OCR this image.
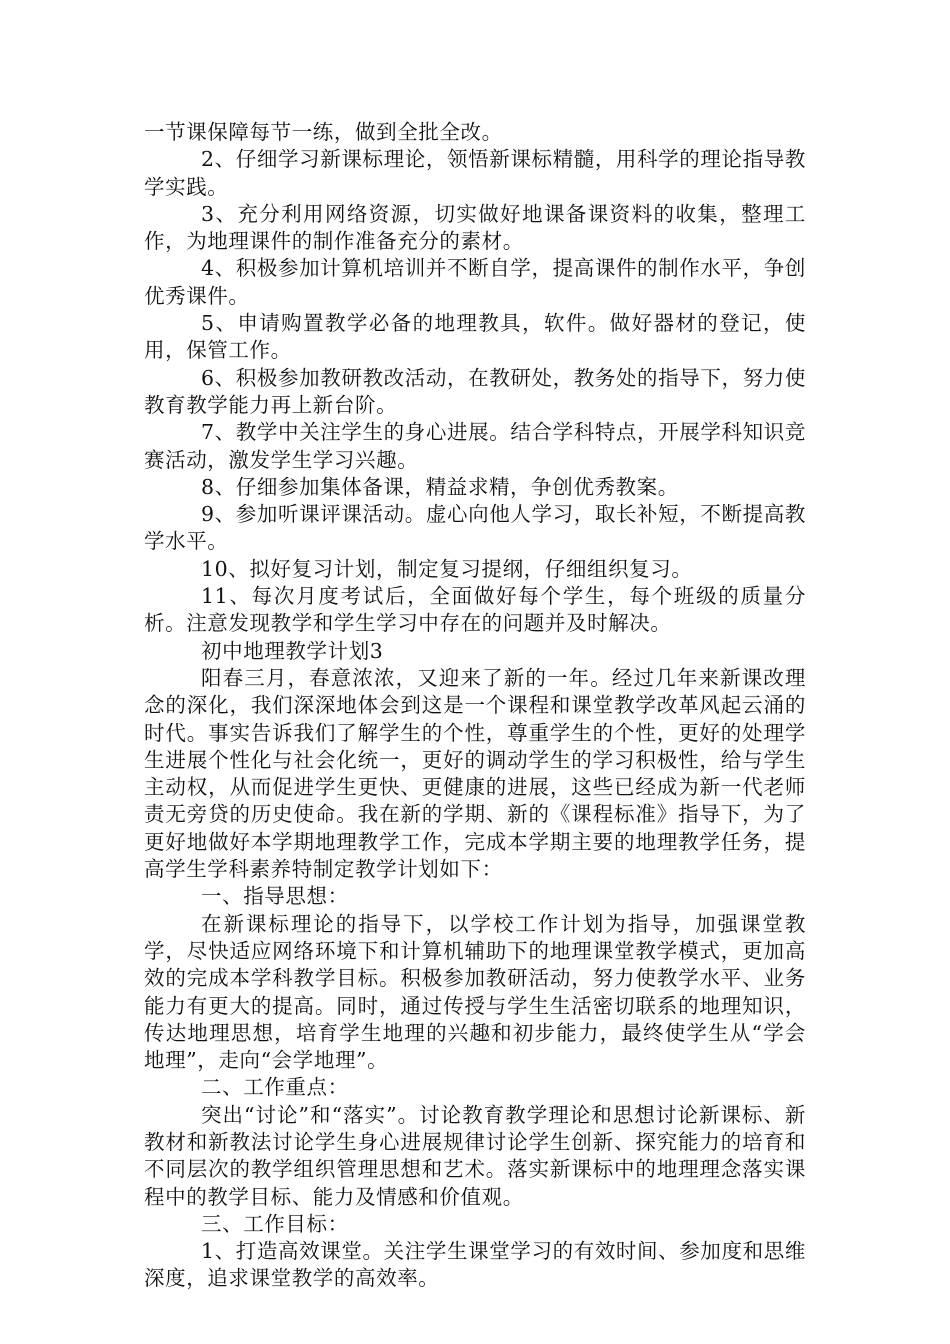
一节课保障每节一练，做到全批全改。

2、仔细学习新课标理论，领悟新课标精髓，用科学的理论指导教学实践。

3、充分利用网络资源，切实做好地课备课资料的收集，整理工作，为地理课件的制作准备充分的素材。

4、积极参加计算机培训并不断自学，提高课件的制作水平，争创优秀课件。

5、申请购置教学必备的地理教具，软件。做好器材的登记，使用，保管工作。

6、积极参加教研教改活动，在教研处，教务处的指导下，努力使教育教学能力再上新台阶。

7、教学中关注学生的身心进展。结合学科特点，开展学科知识竞赛活动，激发学生学习兴趣。

8、仔细参加集体备课，精益求精，争创优秀教案。

9、参加听课评课活动。虚心向他人学习，取长补短，不断提高教学水平。

10、拟好复习计划，制定复习提纲，仔细组织复习。

11、每次月度考试后，全面做好每个学生，每个班级的质量分析。注意发现教学和学生学习中存在的问题并及时解决。

初中地理教学计划3

阳春三月，春意浓浓，又迎来了新的一年。经过几年来新课改理念的深化，我们深深地体会到这是一个课程和课堂教学改革风起云涌的时代。事实告诉我们了解学生的个性，尊重学生的个性，更好的处理学生进展个性化与社会化统一，更好的调动学生的学习积极性，给与学生主动权，从而促进学生更快、更健康的进展，这些已经成为新一代老师责无旁贷的历史使命。我在新的学期、新的《课程标准》指导下，为了更好地做好本学期地理教学工作，完成本学期主要的地理教学任务，提高学生学科素养特制定教学计划如下：

一、指导思想：

在新课标理论的指导下，以学校工作计划为指导，加强课堂教学，尽快适应网络环境下和计算机辅助下的地理课堂教学模式，更加高效的完成本学科教学目标。积极参加教研活动，努力使教学水平、业务能力有更大的提高。同时，通过传授与学生生活密切联系的地理知识，传达地理思想，培育学生地理的兴趣和初步能力，最终使学生从“学会地理”，走向“会学地理”。

二、工作重点：

突出“讨论”和“落实”。讨论教育教学理论和思想讨论新课标、新教材和新教法讨论学生身心进展规律讨论学生创新、探究能力的培育和不同层次的教学组织管理思想和艺术。落实新课标中的地理理念落实课程中的教学目标、能力及情感和价值观。

三、工作目标：

1、打造高效课堂。关注学生课堂学习的有效时间、参加度和思维深度，追求课堂教学的高效率。
